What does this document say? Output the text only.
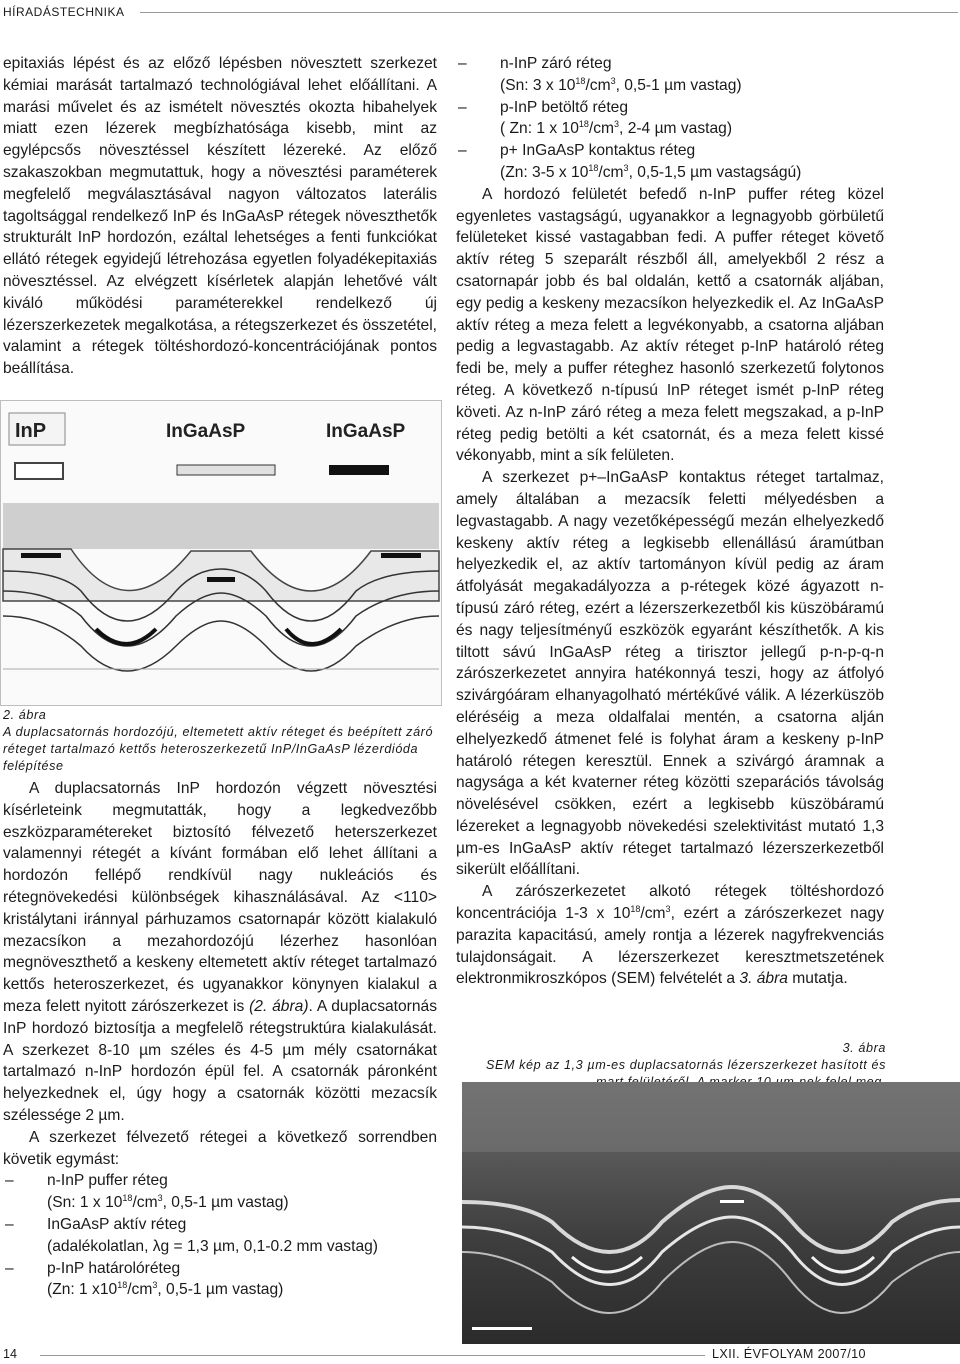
HÍRADÁSTECHNIKA

epitaxiás lépést és az előző lépésben növesztett szerkezet kémiai marását tartalmazó technológiával lehet előállítani. A marási művelet és az ismételt növesztés okozta hibahelyek miatt ezen lézerek megbízhatósága kisebb, mint az egylépcsős növesztéssel készített lézereké. Az előző szakaszokban megmutattuk, hogy a növesztési paraméterek megfelelő megválasztásával nagyon változatos laterális tagoltsággal rendelkező InP és InGaAsP rétegek növeszthetők strukturált InP hordozón, ezáltal lehetséges a fenti funkciókat ellátó rétegek egyidejű létrehozása egyetlen folyadékepitaxiás növesztéssel. Az elvégzett kísérletek alapján lehetővé vált kiváló működési paraméterekkel rendelkező új lézerszerkezetek megalkotása, a rétegszerkezet és összetétel, valamint a rétegek töltéshordozó-koncentrációjának pontos beállítása.

InP	InGaAsP	InGaAsP
2. ábra
A duplacsatornás hordozójú, eltemetett aktív réteget és beépített záró réteget tartalmazó kettős heteroszerkezetű InP/InGaAsP lézerdióda felépítése

A duplacsatornás InP hordozón végzett növesztési kísérleteink megmutatták, hogy a legkedvezőbb eszközparamétereket biztosító félvezető heterszerkezet valamennyi rétegét a kívánt formában elő lehet állítani a hordozón fellépő rendkívül nagy nukleációs és rétegnövekedési különbségek kihasználásával. Az <110> kristálytani iránnyal párhuzamos csatornapár között kialakuló mezacsíkon a mezahordozójú lézerhez hasonlóan megnöveszthető a keskeny eltemetett aktív réteget tartalmazó kettős heteroszerkezet, és ugyanakkor könynyen kialakul a meza felett nyitott zárószerkezet is (2. ábra). A duplacsatornás InP hordozó biztosítja a megfelelõ rétegstruktúra kialakulását. A szerkezet 8-10 µm széles és 4-5 µm mély csatornákat tartalmazó n-InP hordozón épül fel. A csatornák páronként helyezkednek el, úgy hogy a csatornák közötti mezacsík szélessége 2 µm.

A szerkezet félvezető rétegei a következő sorrendben követik egymást:

– n-InP puffer réteg
(Sn: 1 x $10^{18}/cm^3$, 0,5-1 µm vastag)
– InGaAsP aktív réteg
(adalékolatlan, λg = 1,3 µm, 0,1-0.2 mm vastag)
– p-InP határolóréteg
(Zn: 1 $x10^{18}/cm^3$, 0,5-1 µm vastag)
– n-InP záró réteg
(Sn: 3 x $10^{18}/cm^3$, 0,5-1 µm vastag)
– p-InP betöltő réteg
( Zn: 1 x $10^{18}/cm^3$, 2-4 µm vastag)
– p+ InGaAsP kontaktus réteg
(Zn: 3-5 x $10^{18}/cm^3$, 0,5-1,5 µm vastagságú)

A hordozó felületét befedő n-InP puffer réteg közel egyenletes vastagságú, ugyanakkor a legnagyobb görbületű felületeket kissé vastagabban fedi. A puffer réteget követő aktív réteg 5 szeparált részből áll, amelyekből 2 rész a csatornapár jobb és bal oldalán, kettő a csatornák aljában, egy pedig a keskeny mezacsíkon helyezkedik el. Az InGaAsP aktív réteg a meza felett a legvékonyabb, a csatorna aljában pedig a legvastagabb. Az aktív réteget p-InP határoló réteg fedi be, mely a puffer réteghez hasonló szerkezetű folytonos réteg. A következő n-típusú InP réteget ismét p-InP réteg követi. Az n-InP záró réteg a meza felett megszakad, a p-InP réteg pedig betölti a két csatornát, és a meza felett kissé vékonyabb, mint a sík felületen.

A szerkezet p+–InGaAsP kontaktus réteget tartalmaz, amely általában a mezacsík feletti mélyedésben a legvastagabb. A nagy vezetőképességű mezán elhelyezkedő keskeny aktív réteg a legkisebb ellenállású áramútban helyezkedik el, az aktív tartományon kívül pedig az áram átfolyását megakadályozza a p-rétegek közé ágyazott n-típusú záró réteg, ezért a lézerszerkezetből kis küszöbáramú és nagy teljesítményű eszközök egyaránt készíthetők. A kis tiltott sávú InGaAsP réteg a tirisztor jellegű p-n-p-q-n zárószerkezetet annyira hatékonnyá teszi, hogy az átfolyó szivárgóáram elhanyagolható mértékűvé válik. A lézerküszöb eléréséig a meza oldalfalai mentén, a csatorna alján elhelyezkedő átmenet felé is folyhat áram a keskeny p-InP határoló rétegen keresztül. Ennek a szivárgó áramnak a nagysága a két kvaterner réteg közötti szeparációs távolság növelésével csökken, ezért a legkisebb küszöbáramú lézereket a legnagyobb növekedési szelektivitást mutató 1,3 µm-es InGaAsP aktív réteget tartalmazó lézerszerkezetből sikerült előállítani.

A zárószerkezetet alkotó rétegek töltéshordozó koncentrációja 1-3 x $10^{18}/cm^3$, ezért a zárószerkezet nagy parazita kapacitású, amely rontja a lézerek nagyfrekvenciás tulajdonságait. A lézerszerkezet keresztmetszetének elektronmikroszkópos (SEM) felvételét a 3. ábra mutatja.

3. ábra
SEM kép az 1,3 µm-es duplacsatornás lézerszerkezet hasított és
14	LXII. ÉVFOLYAM 2007/10
